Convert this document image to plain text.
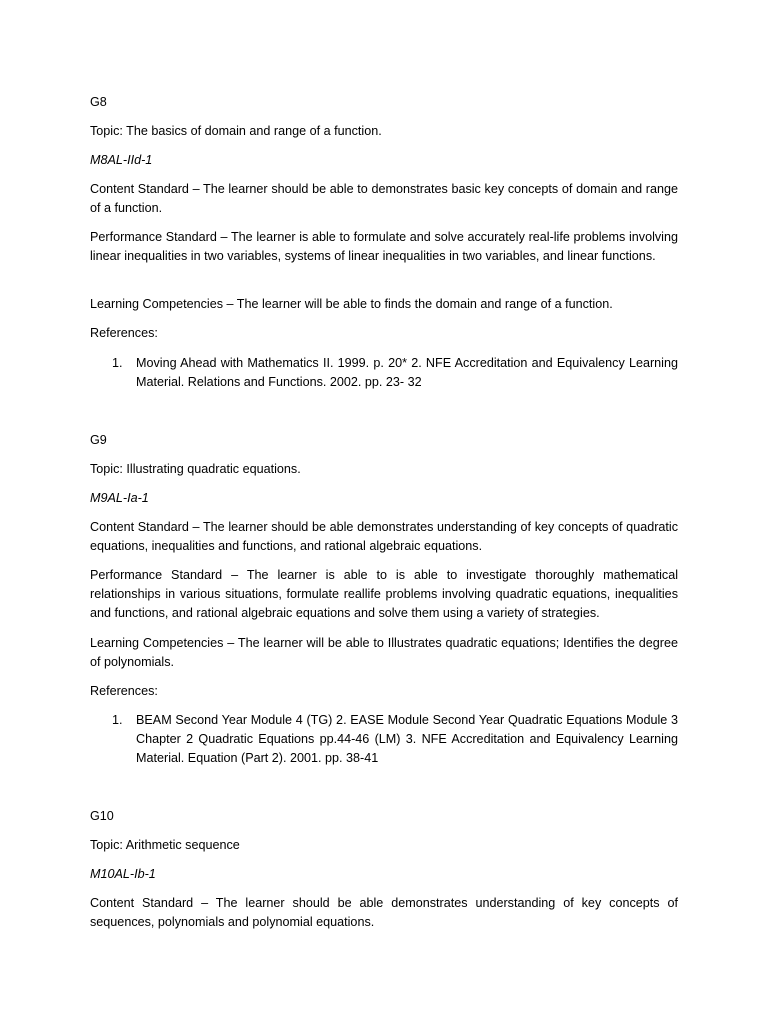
G8
Topic: The basics of domain and range of a function.
M8AL-IId-1
Content Standard – The learner should be able to demonstrates basic key concepts of domain and range of a function.
Performance Standard – The learner is able to formulate and solve accurately real-life problems involving linear inequalities in two variables, systems of linear inequalities in two variables, and linear functions.
Learning Competencies – The learner will be able to finds the domain and range of a function.
References:
1. Moving Ahead with Mathematics II. 1999. p. 20* 2. NFE Accreditation and Equivalency Learning Material. Relations and Functions. 2002. pp. 23- 32
G9
Topic: Illustrating quadratic equations.
M9AL-Ia-1
Content Standard – The learner should be able demonstrates understanding of key concepts of quadratic equations, inequalities and functions, and rational algebraic equations.
Performance Standard – The learner is able to is able to investigate thoroughly mathematical relationships in various situations, formulate reallife problems involving quadratic equations, inequalities and functions, and rational algebraic equations and solve them using a variety of strategies.
Learning Competencies – The learner will be able to Illustrates quadratic equations; Identifies the degree of polynomials.
References:
1. BEAM Second Year Module 4 (TG) 2. EASE Module Second Year Quadratic Equations Module 3 Chapter 2 Quadratic Equations pp.44-46 (LM) 3. NFE Accreditation and Equivalency Learning Material. Equation (Part 2). 2001. pp. 38-41
G10
Topic: Arithmetic sequence
M10AL-Ib-1
Content Standard – The learner should be able demonstrates understanding of key concepts of sequences, polynomials and polynomial equations.
